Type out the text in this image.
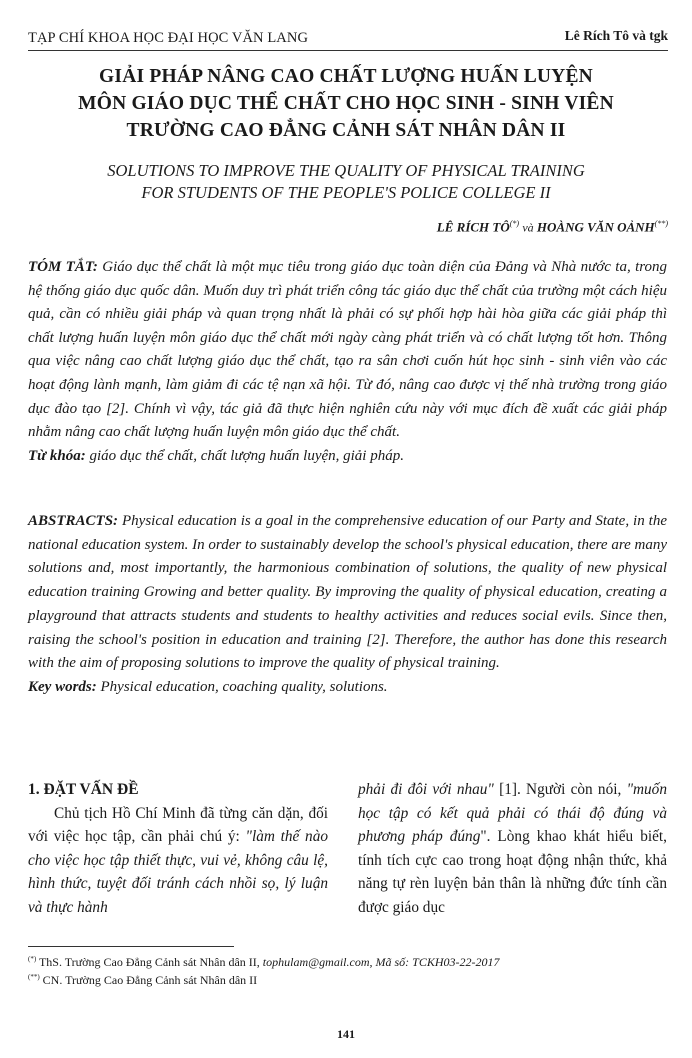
TẠP CHÍ KHOA HỌC ĐẠI HỌC VĂN LANG	Lê Rích Tô và tgk
GIẢI PHÁP NÂNG CAO CHẤT LƯỢNG HUẤN LUYỆN
MÔN GIÁO DỤC THỂ CHẤT CHO HỌC SINH - SINH VIÊN
TRƯỜNG CAO ĐẲNG CẢNH SÁT NHÂN DÂN II
SOLUTIONS TO IMPROVE THE QUALITY OF PHYSICAL TRAINING
FOR STUDENTS OF THE PEOPLE'S POLICE COLLEGE II
LÊ RÍCH TÔ(*) và HOÀNG VĂN OẢNH(**)
TÓM TẮT: Giáo dục thể chất là một mục tiêu trong giáo dục toàn diện của Đảng và Nhà nước ta, trong hệ thống giáo dục quốc dân. Muốn duy trì phát triển công tác giáo dục thể chất của trường một cách hiệu quả, cần có nhiều giải pháp và quan trọng nhất là phải có sự phối hợp hài hòa giữa các giải pháp thì chất lượng huấn luyện môn giáo dục thể chất mới ngày càng phát triển và có chất lượng tốt hơn. Thông qua việc nâng cao chất lượng giáo dục thể chất, tạo ra sân chơi cuốn hút học sinh - sinh viên vào các hoạt động lành mạnh, làm giảm đi các tệ nạn xã hội. Từ đó, nâng cao được vị thế nhà trường trong giáo dục đào tạo [2]. Chính vì vậy, tác giả đã thực hiện nghiên cứu này với mục đích đề xuất các giải pháp nhằm nâng cao chất lượng huấn luyện môn giáo dục thể chất.
Từ khóa: giáo dục thể chất, chất lượng huấn luyện, giải pháp.
ABSTRACTS: Physical education is a goal in the comprehensive education of our Party and State, in the national education system. In order to sustainably develop the school's physical education, there are many solutions and, most importantly, the harmonious combination of solutions, the quality of new physical education training Growing and better quality. By improving the quality of physical education, creating a playground that attracts students and students to healthy activities and reduces social evils. Since then, raising the school's position in education and training [2]. Therefore, the author has done this research with the aim of proposing solutions to improve the quality of physical training.
Key words: Physical education, coaching quality, solutions.
1. ĐẶT VẤN ĐỀ
Chủ tịch Hồ Chí Minh đã từng căn dặn, đối với việc học tập, cần phải chú ý: "làm thế nào cho việc học tập thiết thực, vui vẻ, không câu lệ, hình thức, tuyệt đối tránh cách nhồi sọ, lý luận và thực hành
phải đi đôi với nhau" [1]. Người còn nói, "muốn học tập có kết quả phải có thái độ đúng và phương pháp đúng". Lòng khao khát hiểu biết, tính tích cực cao trong hoạt động nhận thức, khả năng tự rèn luyện bản thân là những đức tính cần được giáo dục
(*) ThS. Trường Cao Đẳng Cảnh sát Nhân dân II, tophulam@gmail.com, Mã số: TCKH03-22-2017
(**) CN. Trường Cao Đẳng Cảnh sát Nhân dân II
141
